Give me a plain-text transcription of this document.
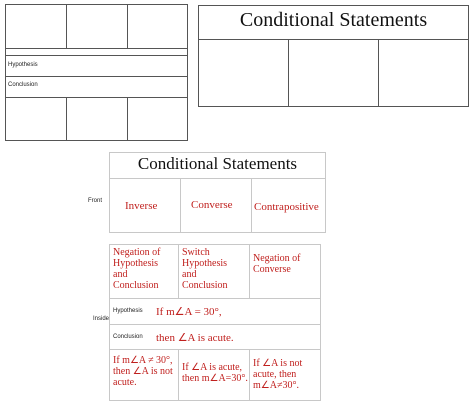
Hypothesis
Conclusion
Conditional Statements
Front
Conditional Statements
Inverse	Converse Contrapositive
Inside
Negation of
Hypothesis
and
Conclusion
Switch
Hypothesis
and
Conclusion
Negation of
Converse
Hypothesis If m∠A = 30°,
Conclusion then ∠A is acute.
If m∠A ≠ 30°,
then ∠A is not
acute.
If ∠A is acute,
then m∠A=30°.
If ∠A is not
acute, then
m∠A≠30°.
